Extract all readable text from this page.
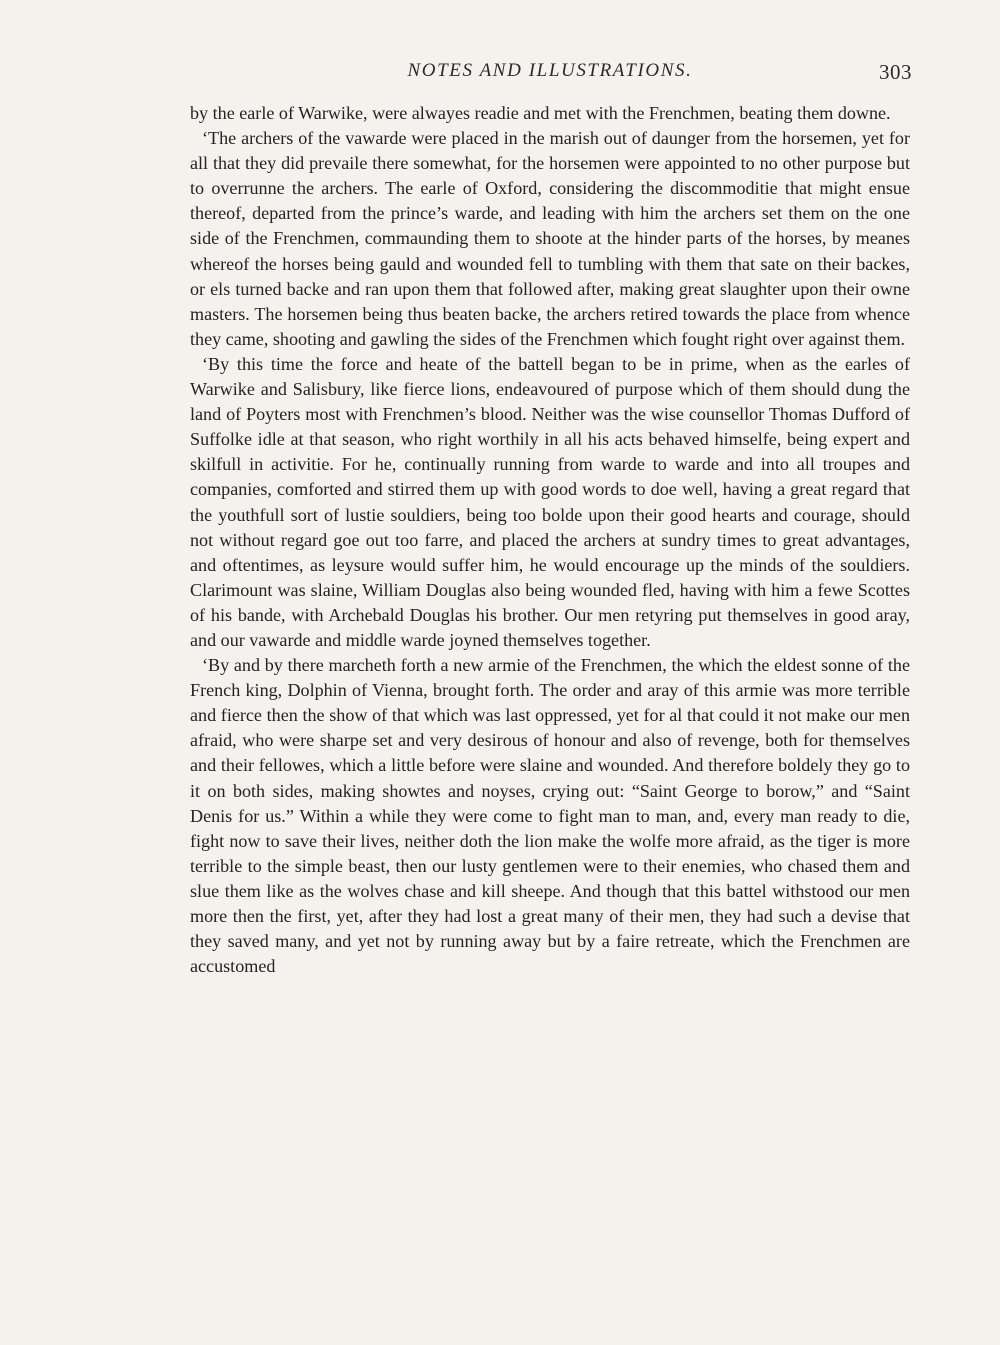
NOTES AND ILLUSTRATIONS.	303

by the earle of Warwike, were alwayes readie and met with the Frenchmen, beating them downe.

‘The archers of the vawarde were placed in the marish out of daunger from the horsemen, yet for all that they did prevaile there somewhat, for the horsemen were appointed to no other purpose but to overrunne the archers. The earle of Oxford, considering the discommoditie that might ensue thereof, departed from the prince’s warde, and leading with him the archers set them on the one side of the Frenchmen, commaunding them to shoote at the hinder parts of the horses, by meanes whereof the horses being gauld and wounded fell to tumbling with them that sate on their backes, or els turned backe and ran upon them that followed after, making great slaughter upon their owne masters. The horsemen being thus beaten backe, the archers retired towards the place from whence they came, shooting and gawling the sides of the Frenchmen which fought right over against them.

‘By this time the force and heate of the battell began to be in prime, when as the earles of Warwike and Salisbury, like fierce lions, endeavoured of purpose which of them should dung the land of Poyters most with Frenchmen’s blood. Neither was the wise counsellor Thomas Dufford of Suffolke idle at that season, who right worthily in all his acts behaved himselfe, being expert and skilfull in activitie. For he, continually running from warde to warde and into all troupes and companies, comforted and stirred them up with good words to doe well, having a great regard that the youthfull sort of lustie souldiers, being too bolde upon their good hearts and courage, should not without regard goe out too farre, and placed the archers at sundry times to great advantages, and oftentimes, as leysure would suffer him, he would encourage up the minds of the souldiers. Clarimount was slaine, William Douglas also being wounded fled, having with him a fewe Scottes of his bande, with Archebald Douglas his brother. Our men retyring put themselves in good aray, and our vawarde and middle warde joyned themselves together.

‘By and by there marcheth forth a new armie of the Frenchmen, the which the eldest sonne of the French king, Dolphin of Vienna, brought forth. The order and aray of this armie was more terrible and fierce then the show of that which was last oppressed, yet for al that could it not make our men afraid, who were sharpe set and very desirous of honour and also of revenge, both for themselves and their fellowes, which a little before were slaine and wounded. And therefore boldely they go to it on both sides, making showtes and noyses, crying out: “Saint George to borow,” and “Saint Denis for us.” Within a while they were come to fight man to man, and, every man ready to die, fight now to save their lives, neither doth the lion make the wolfe more afraid, as the tiger is more terrible to the simple beast, then our lusty gentlemen were to their enemies, who chased them and slue them like as the wolves chase and kill sheepe. And though that this battel withstood our men more then the first, yet, after they had lost a great many of their men, they had such a devise that they saved many, and yet not by running away but by a faire retreate, which the Frenchmen are accustomed
